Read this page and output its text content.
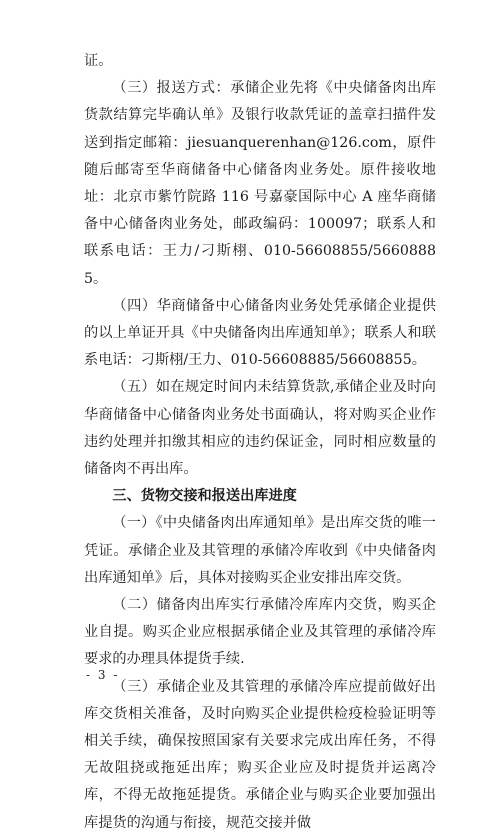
证。

（三）报送方式：承储企业先将《中央储备肉出库货款结算完毕确认单》及银行收款凭证的盖章扫描件发送到指定邮箱：jiesuanquerenhan@126.com，原件随后邮寄至华商储备中心储备肉业务处。原件接收地址：北京市紫竹院路 116 号嘉豪国际中心 A 座华商储备中心储备肉业务处，邮政编码：100097；联系人和联系电话：王力/刁斯栩、010-56608855/56608885。

（四）华商储备中心储备肉业务处凭承储企业提供的以上单证开具《中央储备肉出库通知单》；联系人和联系电话：刁斯栩/王力、010-56608885/56608855。

（五）如在规定时间内未结算货款,承储企业及时向华商储备中心储备肉业务处书面确认，将对购买企业作违约处理并扣缴其相应的违约保证金，同时相应数量的储备肉不再出库。

三、货物交接和报送出库进度

（一）《中央储备肉出库通知单》是出库交货的唯一凭证。承储企业及其管理的承储冷库收到《中央储备肉出库通知单》后，具体对接购买企业安排出库交货。

（二）储备肉出库实行承储冷库库内交货，购买企业自提。购买企业应根据承储企业及其管理的承储冷库要求的办理具体提货手续.

（三）承储企业及其管理的承储冷库应提前做好出库交货相关准备，及时向购买企业提供检疫检验证明等相关手续，确保按照国家有关要求完成出库任务，不得无故阻挠或拖延出库；购买企业应及时提货并运离冷库，不得无故拖延提货。承储企业与购买企业要加强出库提货的沟通与衔接，规范交接并做

- 3 -
